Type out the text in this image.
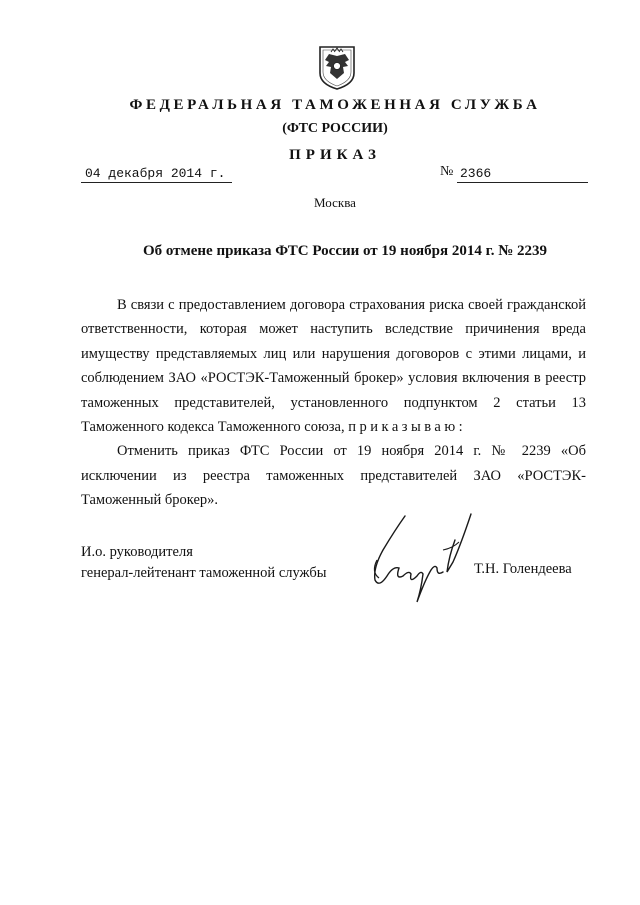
ФЕДЕРАЛЬНАЯ ТАМОЖЕННАЯ СЛУЖБА
(ФТС РОССИИ)
ПРИКАЗ
04 декабря 2014 г.	№ 2366
Москва
Об отмене приказа ФТС России от 19 ноября 2014 г. № 2239

В связи с предоставлением договора страхования риска своей гражданской ответственности, которая может наступить вследствие причинения вреда имуществу представляемых лиц или нарушения договоров с этими лицами, и соблюдением ЗАО «РОСТЭК-Таможенный брокер» условия включения в реестр таможенных представителей, установленного подпунктом 2 статьи 13 Таможенного кодекса Таможенного союза, приказываю:

Отменить приказ ФТС России от 19 ноября 2014 г. № 2239 «Об исключении из реестра таможенных представителей ЗАО «РОСТЭК-Таможенный брокер».

И.о. руководителя
генерал-лейтенант таможенной службы	Т.Н. Голендеева
